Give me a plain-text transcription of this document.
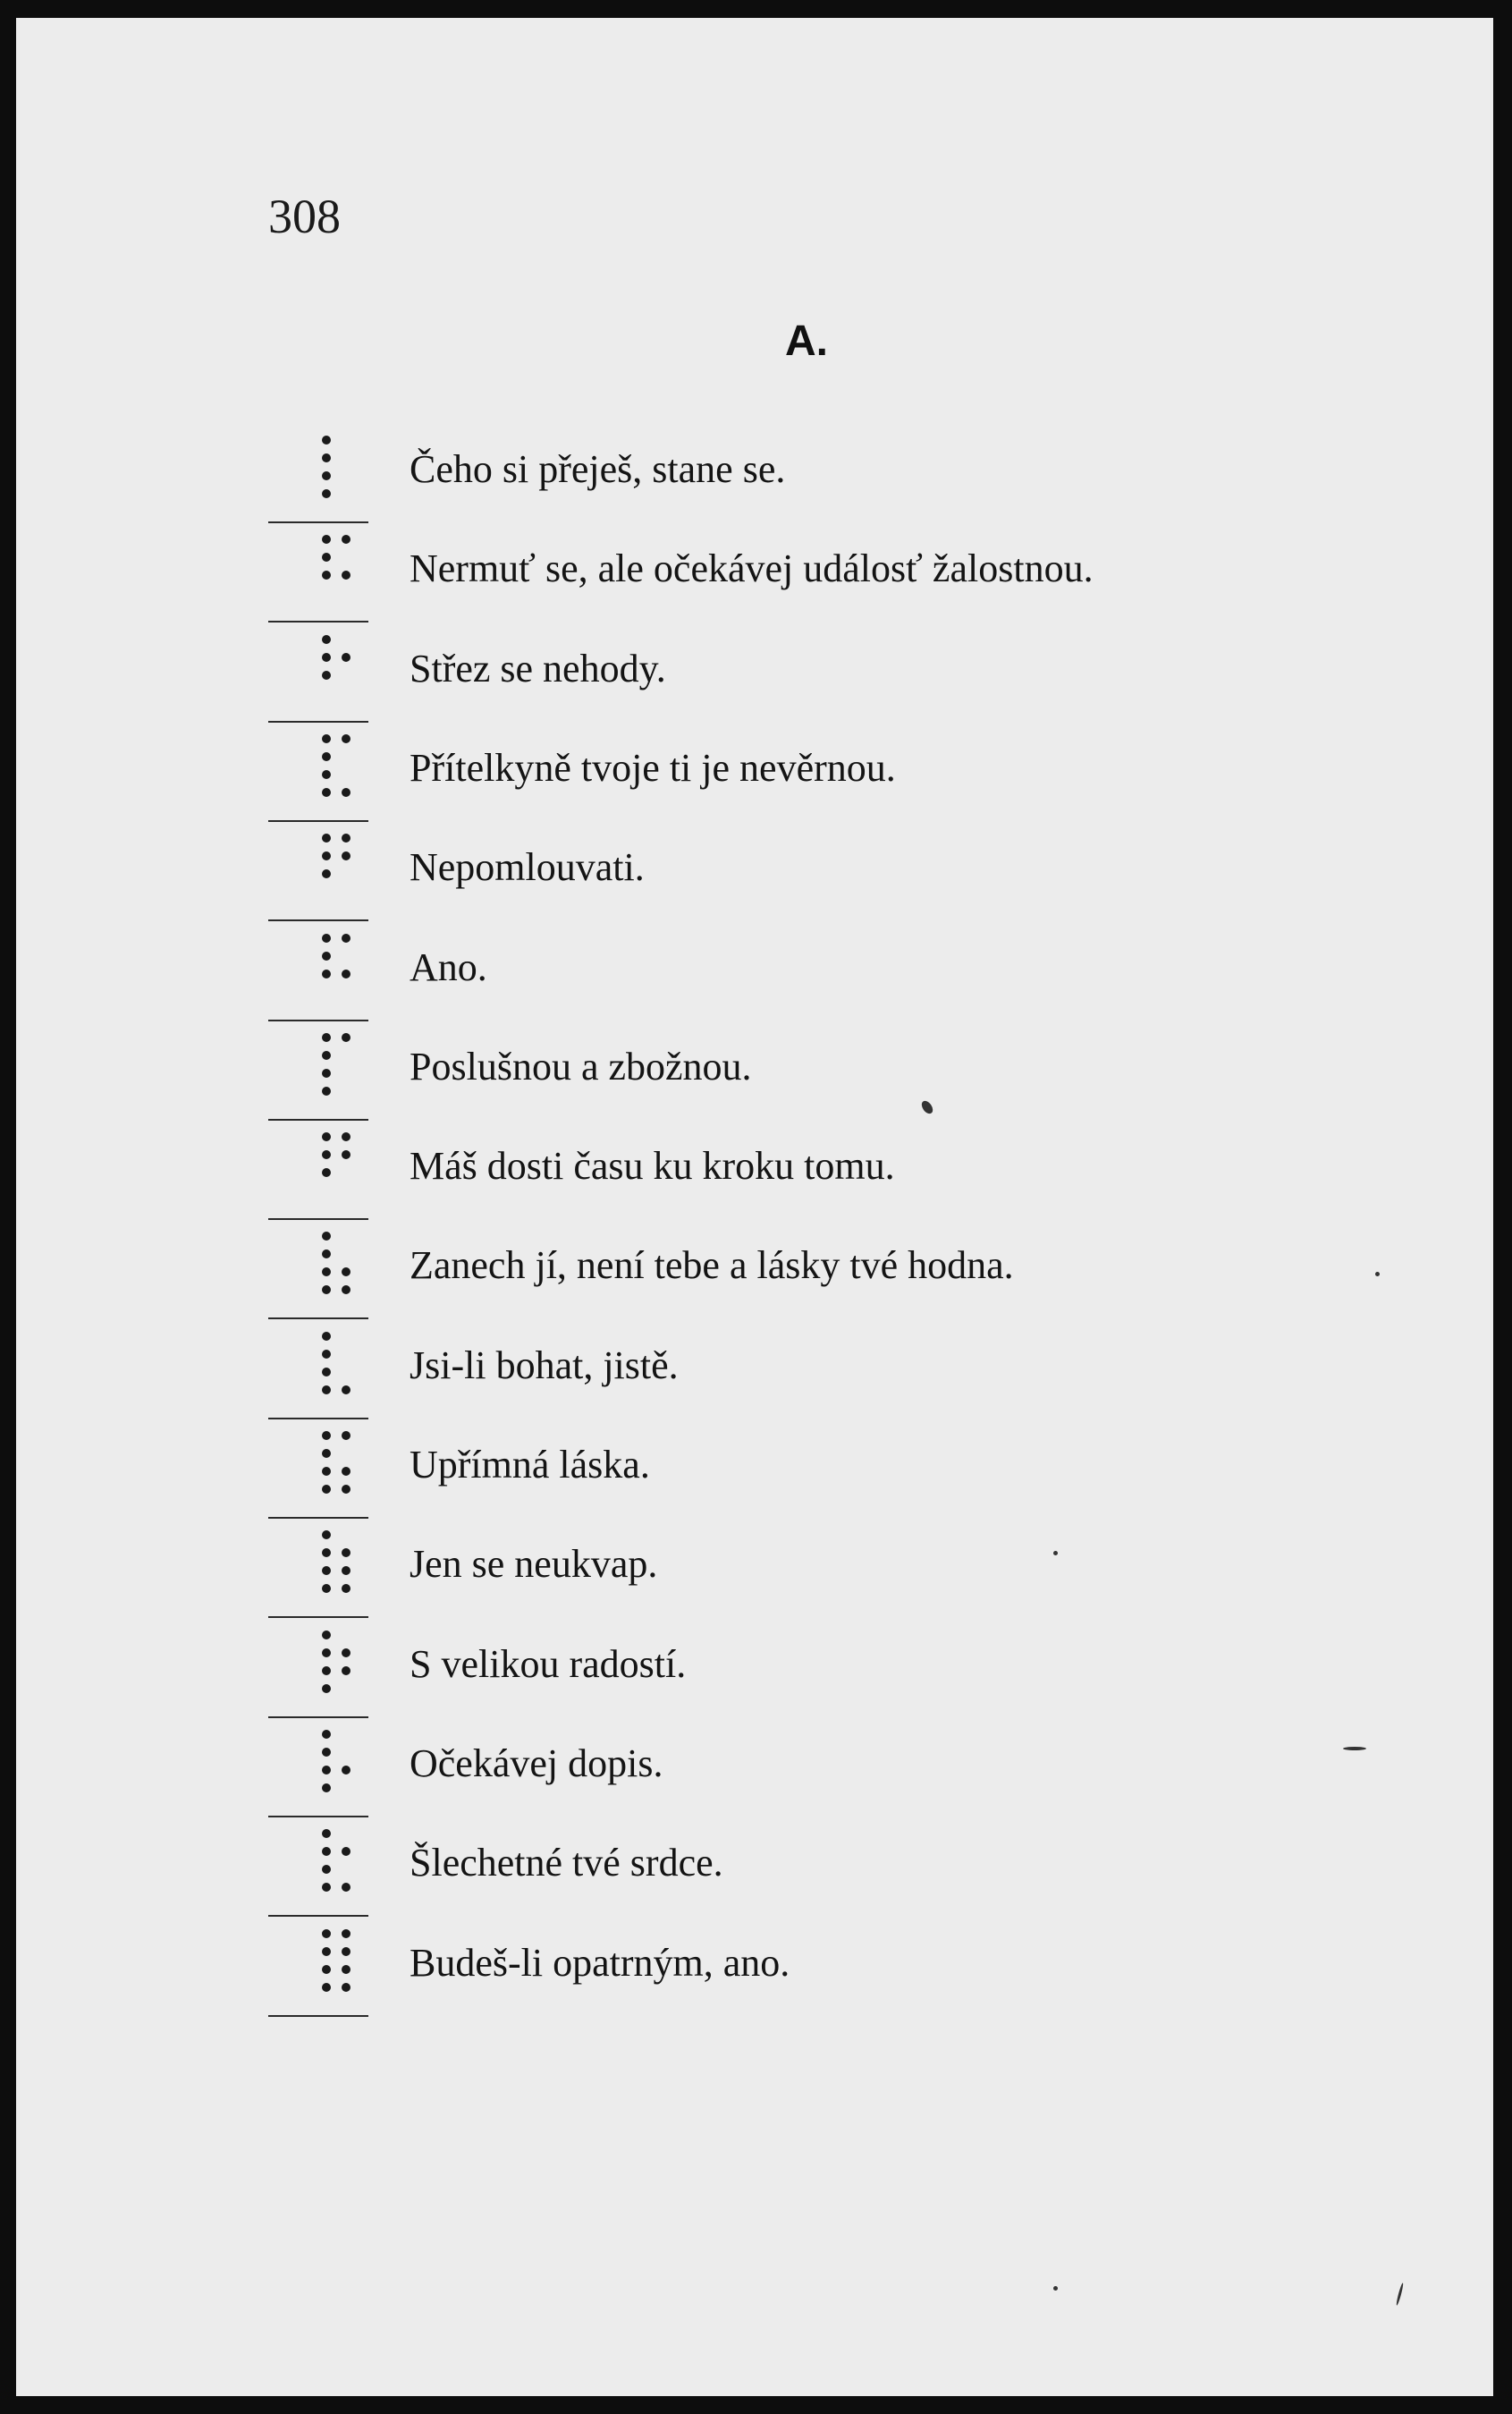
308
A.
Čeho si přeješ, stane se.
Nermuť se, ale očekávej událosť žalostnou.
Střez se nehody.
Přítelkyně tvoje ti je nevěrnou.
Nepomlouvati.
Ano.
Poslušnou a zbožnou.
Máš dosti času ku kroku tomu.
Zanech jí, není tebe a lásky tvé hodna.
Jsi-li bohat, jistě.
Upřímná láska.
Jen se neukvap.
S velikou radostí.
Očekávej dopis.
Šlechetné tvé srdce.
Budeš-li opatrným, ano.
